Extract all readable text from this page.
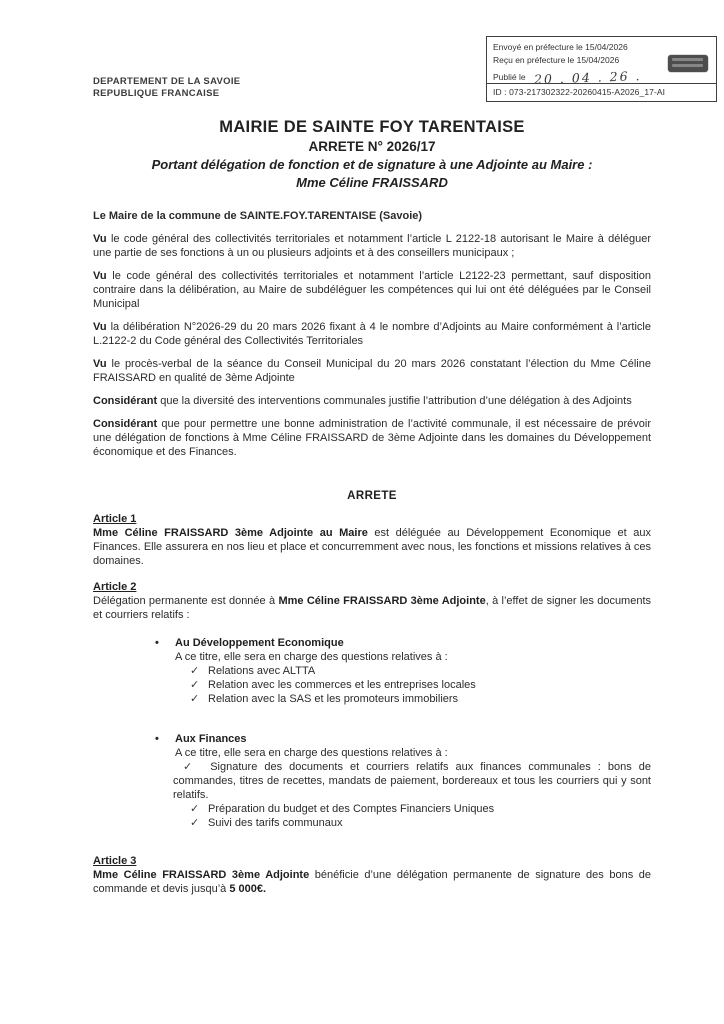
Envoyé en préfecture le 15/04/2026
Reçu en préfecture le 15/04/2026
Publié le 20 . 04 . 26 .
ID : 073-217302322-20260415-A2026_17-AI
DEPARTEMENT DE LA SAVOIE
REPUBLIQUE FRANCAISE
MAIRIE DE SAINTE FOY TARENTAISE
ARRETE N° 2026/17
Portant délégation de fonction et de signature à une Adjointe au Maire :
Mme Céline FRAISSARD
Le Maire de la commune de SAINTE.FOY.TARENTAISE (Savoie)

Vu le code général des collectivités territoriales et notamment l’article L 2122-18 autorisant le Maire à déléguer une partie de ses fonctions à un ou plusieurs adjoints et à des conseillers municipaux ;

Vu le code général des collectivités territoriales et notamment l’article L2122-23 permettant, sauf disposition contraire dans la délibération, au Maire de subdéléguer les compétences qui lui ont été déléguées par le Conseil Municipal

Vu la délibération N°2026-29 du 20 mars 2026 fixant à 4 le nombre d’Adjoints au Maire conformément à l’article L.2122-2 du Code général des Collectivités Territoriales

Vu le procès-verbal de la séance du Conseil Municipal du 20 mars 2026 constatant l’élection du Mme Céline FRAISSARD en qualité de 3ème Adjointe

Considérant que la diversité des interventions communales justifie l’attribution d’une délégation à des Adjoints

Considérant que pour permettre une bonne administration de l’activité communale, il est nécessaire de prévoir une délégation de fonctions à Mme Céline FRAISSARD de 3ème Adjointe dans les domaines du Développement économique et des Finances.

ARRETE
Article 1

Mme Céline FRAISSARD 3ème Adjointe au Maire est déléguée au Développement Economique et aux Finances. Elle assurera en nos lieu et place et concurremment avec nous, les fonctions et missions relatives à ces domaines.

Article 2

Délégation permanente est donnée à Mme Céline FRAISSARD 3ème Adjointe, à l’effet de signer les documents et courriers relatifs :

• Au Développement Economique
A ce titre, elle sera en charge des questions relatives à :
✓ Relations avec ALTTA
✓ Relation avec les commerces et les entreprises locales
✓ Relation avec la SAS et les promoteurs immobiliers
• Aux Finances
A ce titre, elle sera en charge des questions relatives à :
✓ Signature des documents et courriers relatifs aux finances communales : bons de commandes, titres de recettes, mandats de paiement, bordereaux et tous les courriers qui y sont relatifs.
✓ Préparation du budget et des Comptes Financiers Uniques
✓ Suivi des tarifs communaux
Article 3

Mme Céline FRAISSARD 3ème Adjointe bénéficie d’une délégation permanente de signature des bons de commande et devis jusqu’à 5 000€.
